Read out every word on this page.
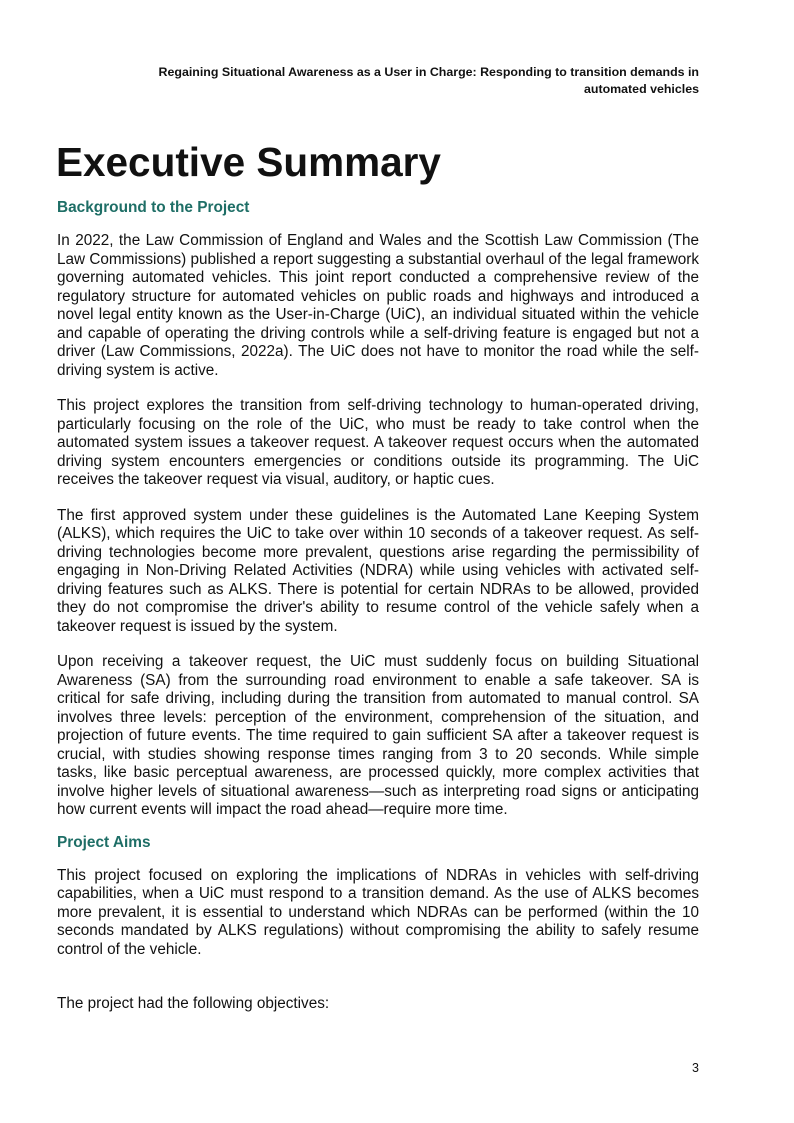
Regaining Situational Awareness as a User in Charge: Responding to transition demands in
automated vehicles
Executive Summary
Background to the Project

In 2022, the Law Commission of England and Wales and the Scottish Law Commission (The Law Commissions) published a report suggesting a substantial overhaul of the legal framework governing automated vehicles. This joint report conducted a comprehensive review of the regulatory structure for automated vehicles on public roads and highways and introduced a novel legal entity known as the User-in-Charge (UiC), an individual situated within the vehicle and capable of operating the driving controls while a self-driving feature is engaged but not a driver (Law Commissions, 2022a). The UiC does not have to monitor the road while the self-driving system is active.

This project explores the transition from self-driving technology to human-operated driving, particularly focusing on the role of the UiC, who must be ready to take control when the automated system issues a takeover request. A takeover request occurs when the automated driving system encounters emergencies or conditions outside its programming. The UiC receives the takeover request via visual, auditory, or haptic cues.

The first approved system under these guidelines is the Automated Lane Keeping System (ALKS), which requires the UiC to take over within 10 seconds of a takeover request. As self-driving technologies become more prevalent, questions arise regarding the permissibility of engaging in Non-Driving Related Activities (NDRA) while using vehicles with activated self-driving features such as ALKS. There is potential for certain NDRAs to be allowed, provided they do not compromise the driver's ability to resume control of the vehicle safely when a takeover request is issued by the system.

Upon receiving a takeover request, the UiC must suddenly focus on building Situational Awareness (SA) from the surrounding road environment to enable a safe takeover. SA is critical for safe driving, including during the transition from automated to manual control. SA involves three levels: perception of the environment, comprehension of the situation, and projection of future events. The time required to gain sufficient SA after a takeover request is crucial, with studies showing response times ranging from 3 to 20 seconds. While simple tasks, like basic perceptual awareness, are processed quickly, more complex activities that involve higher levels of situational awareness—such as interpreting road signs or anticipating how current events will impact the road ahead—require more time.

Project Aims

This project focused on exploring the implications of NDRAs in vehicles with self-driving capabilities, when a UiC must respond to a transition demand. As the use of ALKS becomes more prevalent, it is essential to understand which NDRAs can be performed (within the 10 seconds mandated by ALKS regulations) without compromising the ability to safely resume control of the vehicle.

The project had the following objectives:

3
